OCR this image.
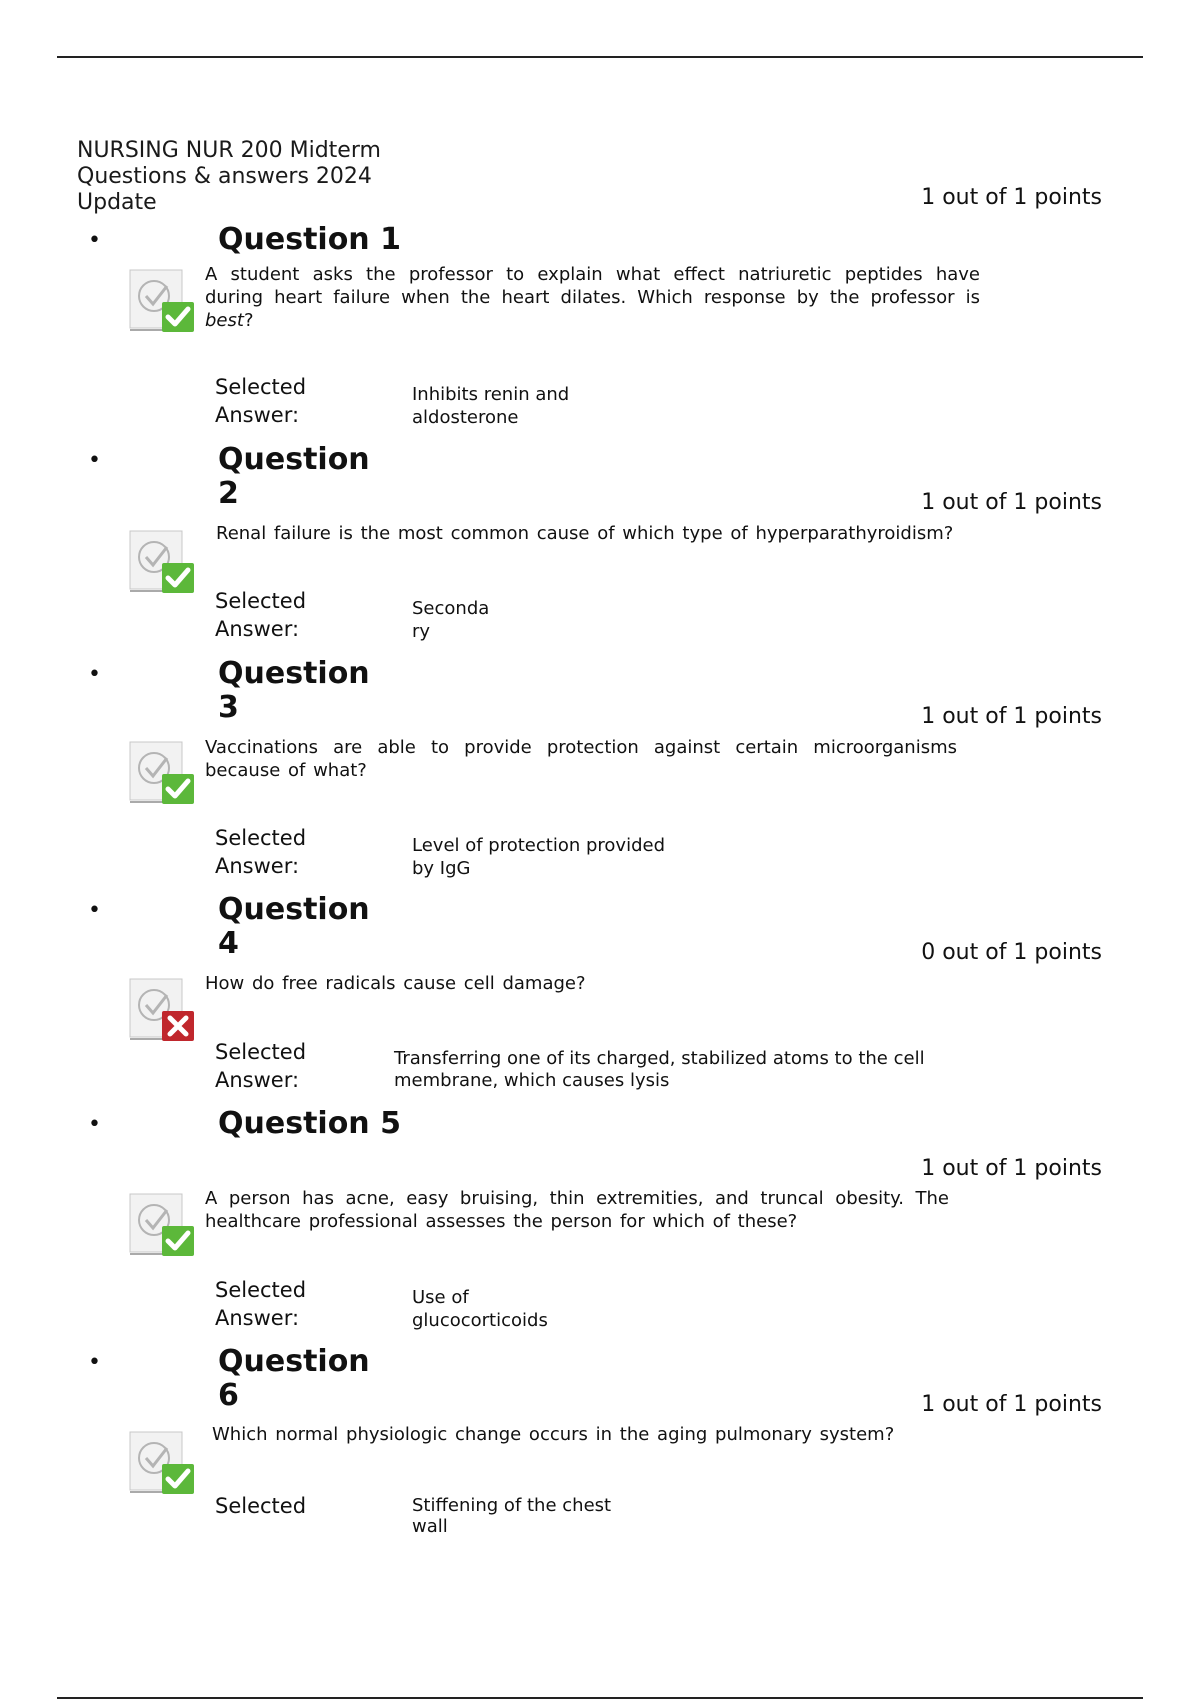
NURSING NUR 200 Midterm
Questions & answers 2024
Update
•	Question 1
1 out of 1 points
A student asks the professor to explain what effect natriuretic peptides have during heart failure when the heart dilates. Which response by the professor is best?
Selected
Answer:
Inhibits renin and
aldosterone
•	Question
2	1 out of 1 points
Renal failure is the most common cause of which type of hyperparathyroidism?
Selected
Answer:
Seconda
ry
•	Question
3	1 out of 1 points
Vaccinations are able to provide protection against certain microorganisms because of what?
Selected
Answer:
Level of protection provided
by IgG
•	Question
4	0 out of 1 points
How do free radicals cause cell damage?
Selected
Answer:
Transferring one of its charged, stabilized atoms to the cell
membrane, which causes lysis
•	Question 5
1 out of 1 points
A person has acne, easy bruising, thin extremities, and truncal obesity. The healthcare professional assesses the person for which of these?
Selected
Answer:
Use of
glucocorticoids
•	Question
6	1 out of 1 points
Which normal physiologic change occurs in the aging pulmonary system?
Selected	Stiffening of the chest
wall
